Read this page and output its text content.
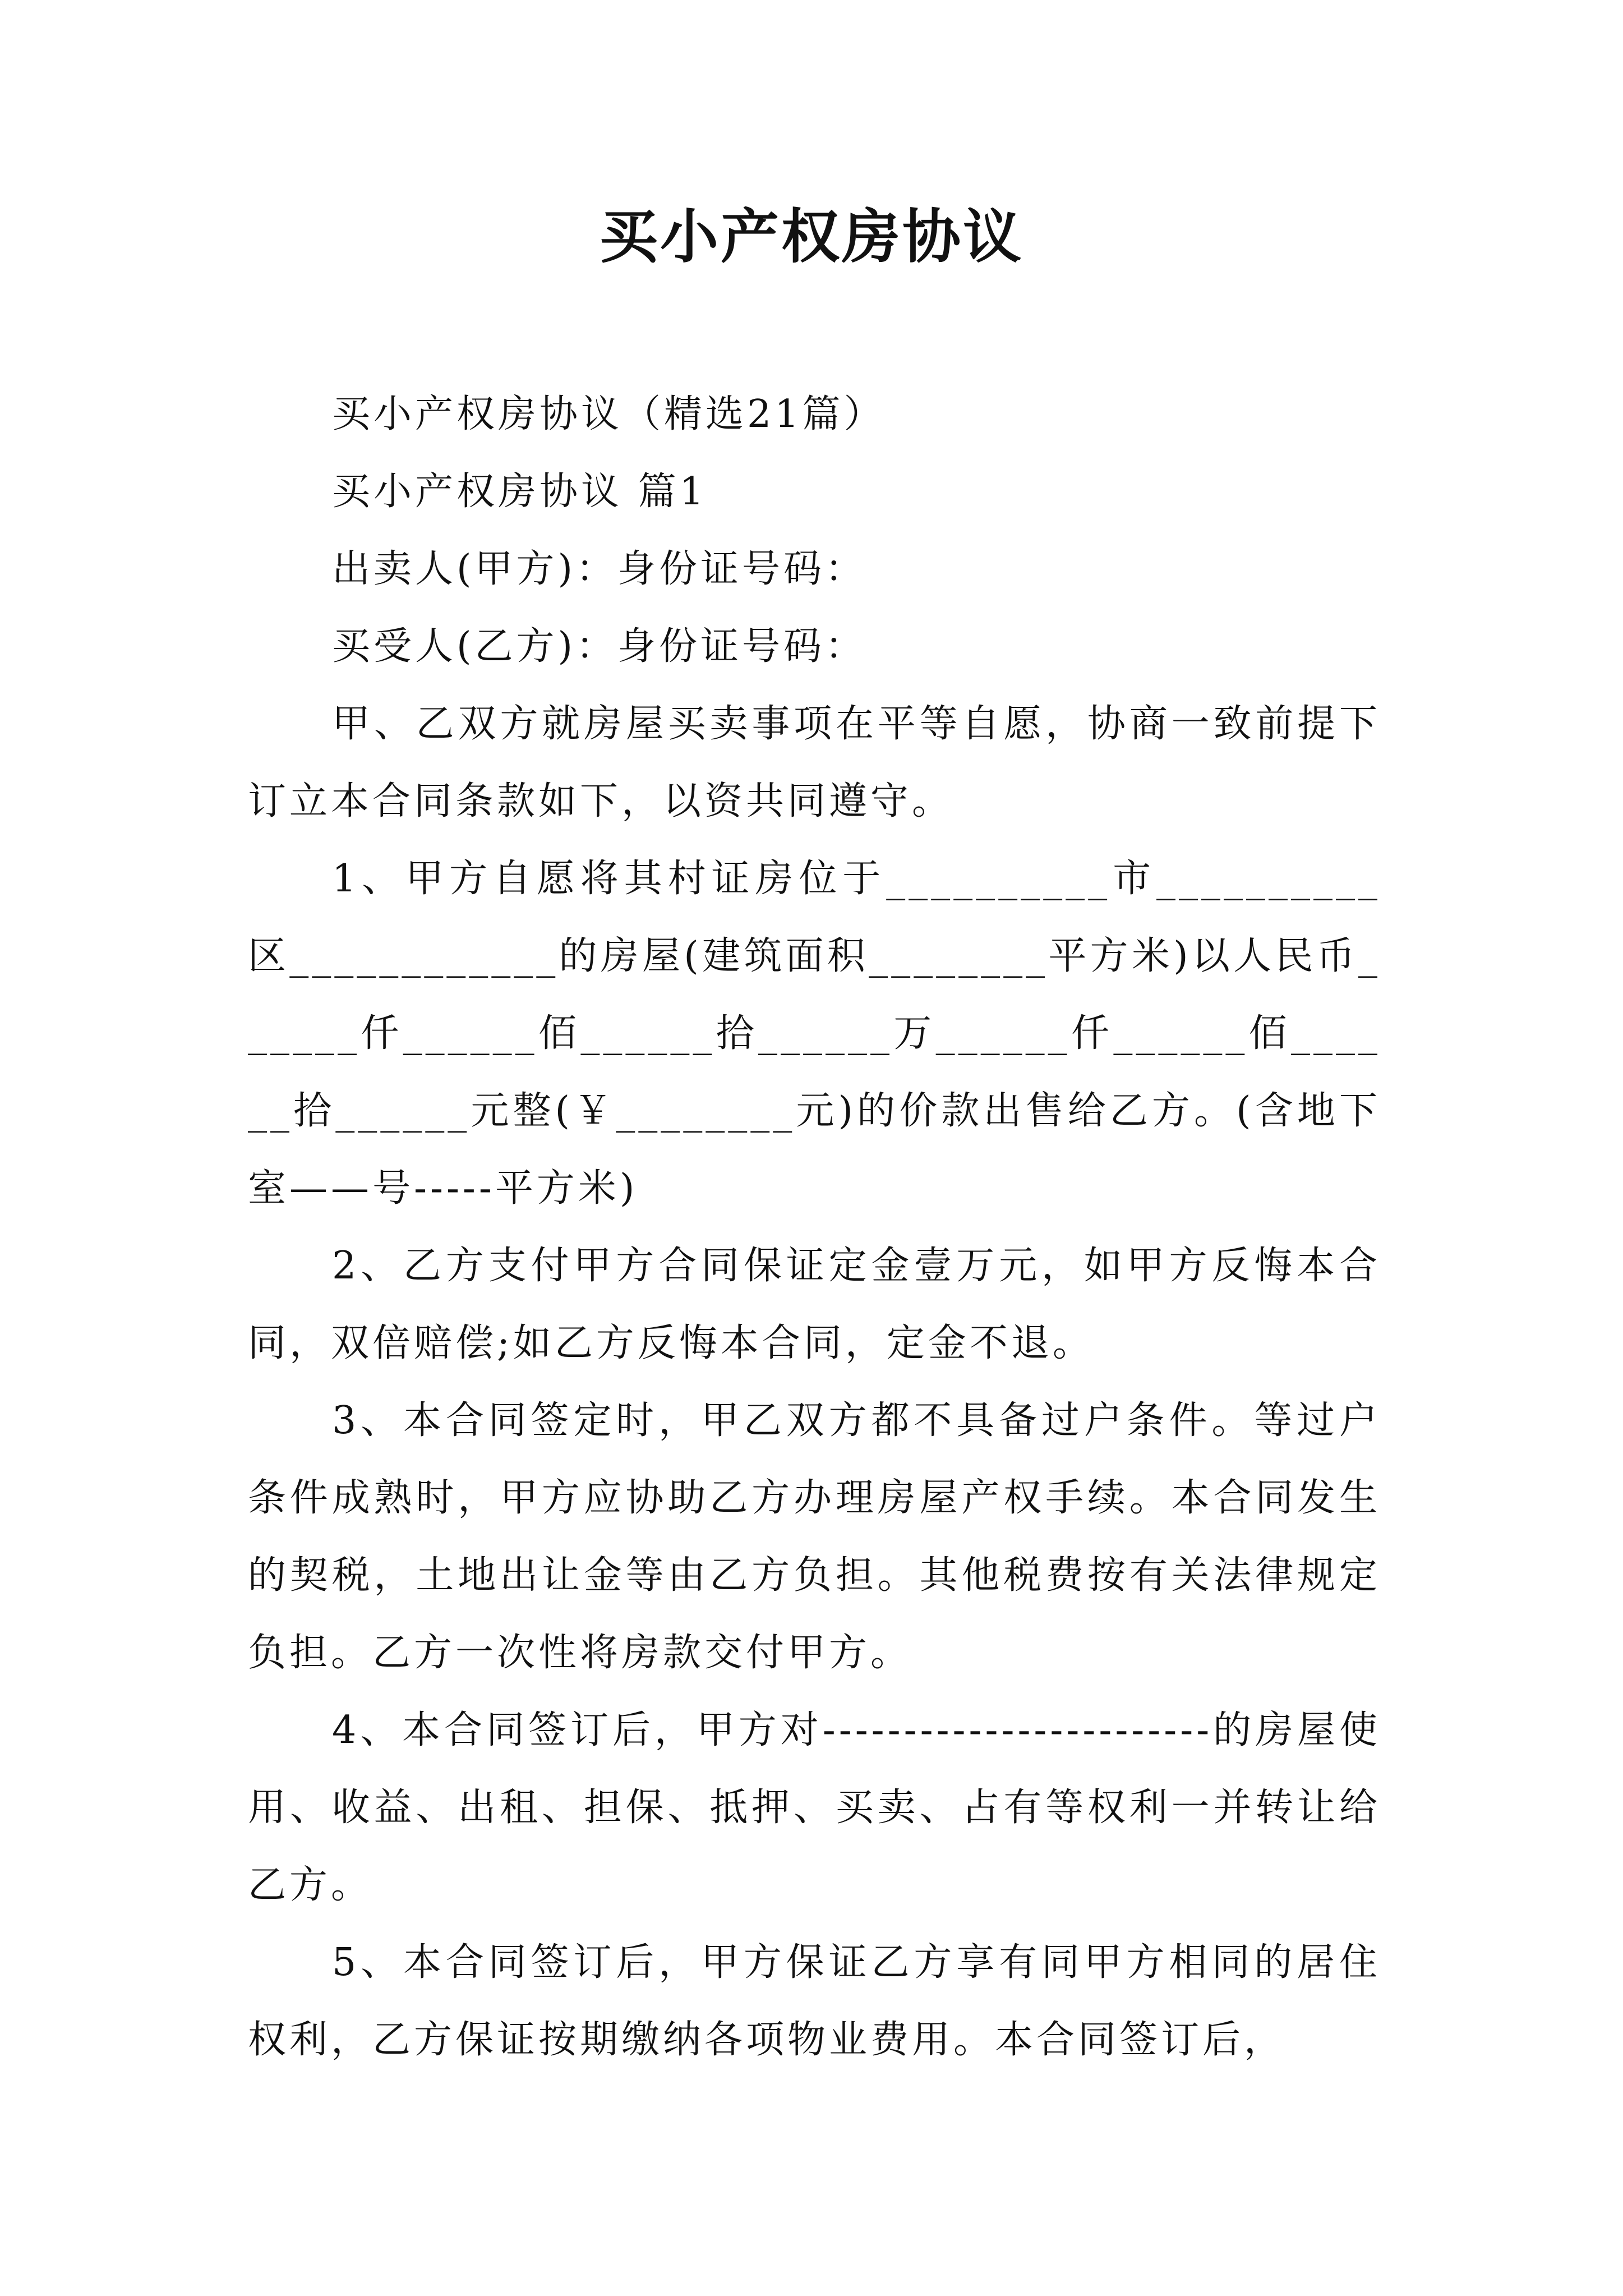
买小产权房协议

买小产权房协议（精选21篇）

买小产权房协议 篇1

出卖人(甲方)：身份证号码：

买受人(乙方)：身份证号码：

甲、乙双方就房屋买卖事项在平等自愿，协商一致前提下订立本合同条款如下，以资共同遵守。

1、甲方自愿将其村证房位于__________市__________区____________的房屋(建筑面积________平方米)以人民币______仟______佰______拾______万______仟______佰______拾______元整(￥________元)的价款出售给乙方。(含地下室——号-----平方米)

2、乙方支付甲方合同保证定金壹万元，如甲方反悔本合同，双倍赔偿;如乙方反悔本合同，定金不退。

3、本合同签定时，甲乙双方都不具备过户条件。等过户条件成熟时，甲方应协助乙方办理房屋产权手续。本合同发生的契税，土地出让金等由乙方负担。其他税费按有关法律规定负担。乙方一次性将房款交付甲方。

4、本合同签订后，甲方对------------------------的房屋使用、收益、出租、担保、抵押、买卖、占有等权利一并转让给乙方。

5、本合同签订后，甲方保证乙方享有同甲方相同的居住权利，乙方保证按期缴纳各项物业费用。本合同签订后，
